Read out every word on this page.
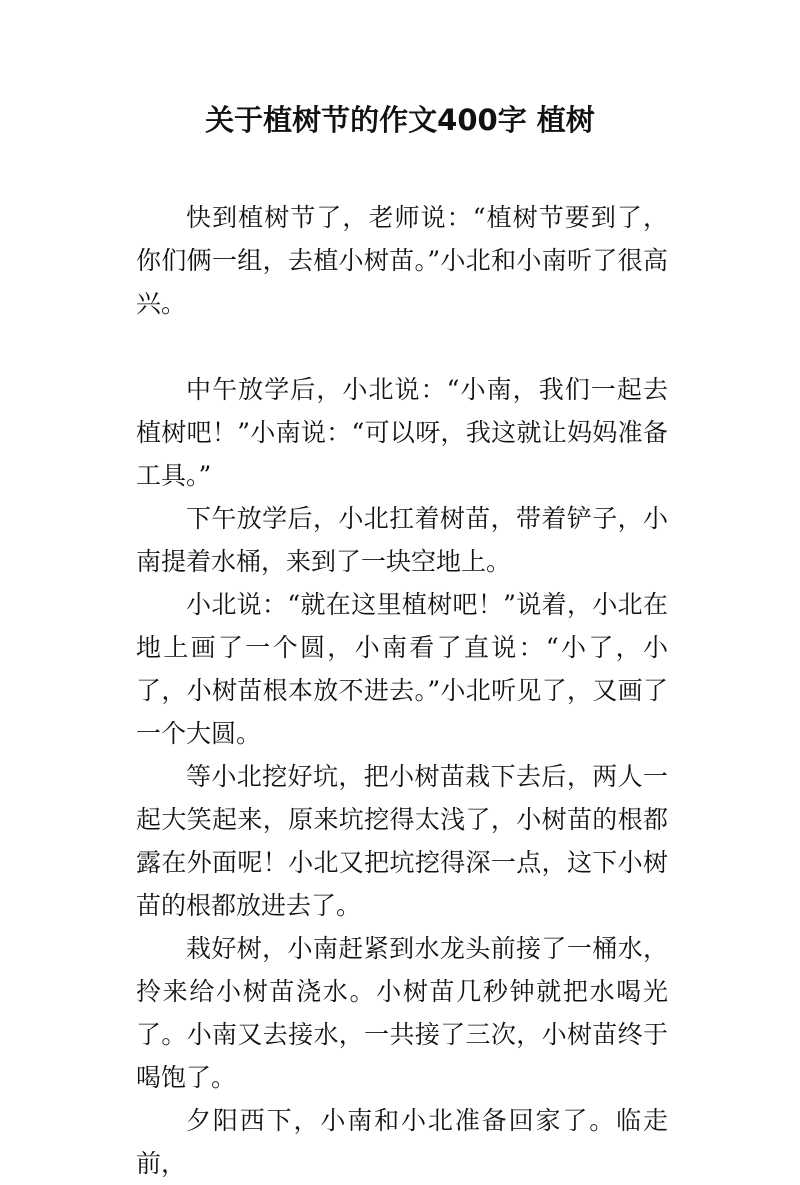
关于植树节的作文400字 植树

快到植树节了，老师说：“植树节要到了，你们俩一组，去植小树苗。”小北和小南听了很高兴。

中午放学后，小北说：“小南，我们一起去植树吧！”小南说：“可以呀，我这就让妈妈准备工具。”

下午放学后，小北扛着树苗，带着铲子，小南提着水桶，来到了一块空地上。

小北说：“就在这里植树吧！”说着，小北在地上画了一个圆，小南看了直说：“小了，小了，小树苗根本放不进去。”小北听见了，又画了一个大圆。

等小北挖好坑，把小树苗栽下去后，两人一起大笑起来，原来坑挖得太浅了，小树苗的根都露在外面呢！小北又把坑挖得深一点，这下小树苗的根都放进去了。

栽好树，小南赶紧到水龙头前接了一桶水，拎来给小树苗浇水。小树苗几秒钟就把水喝光了。小南又去接水，一共接了三次，小树苗终于喝饱了。

夕阳西下，小南和小北准备回家了。临走前，
